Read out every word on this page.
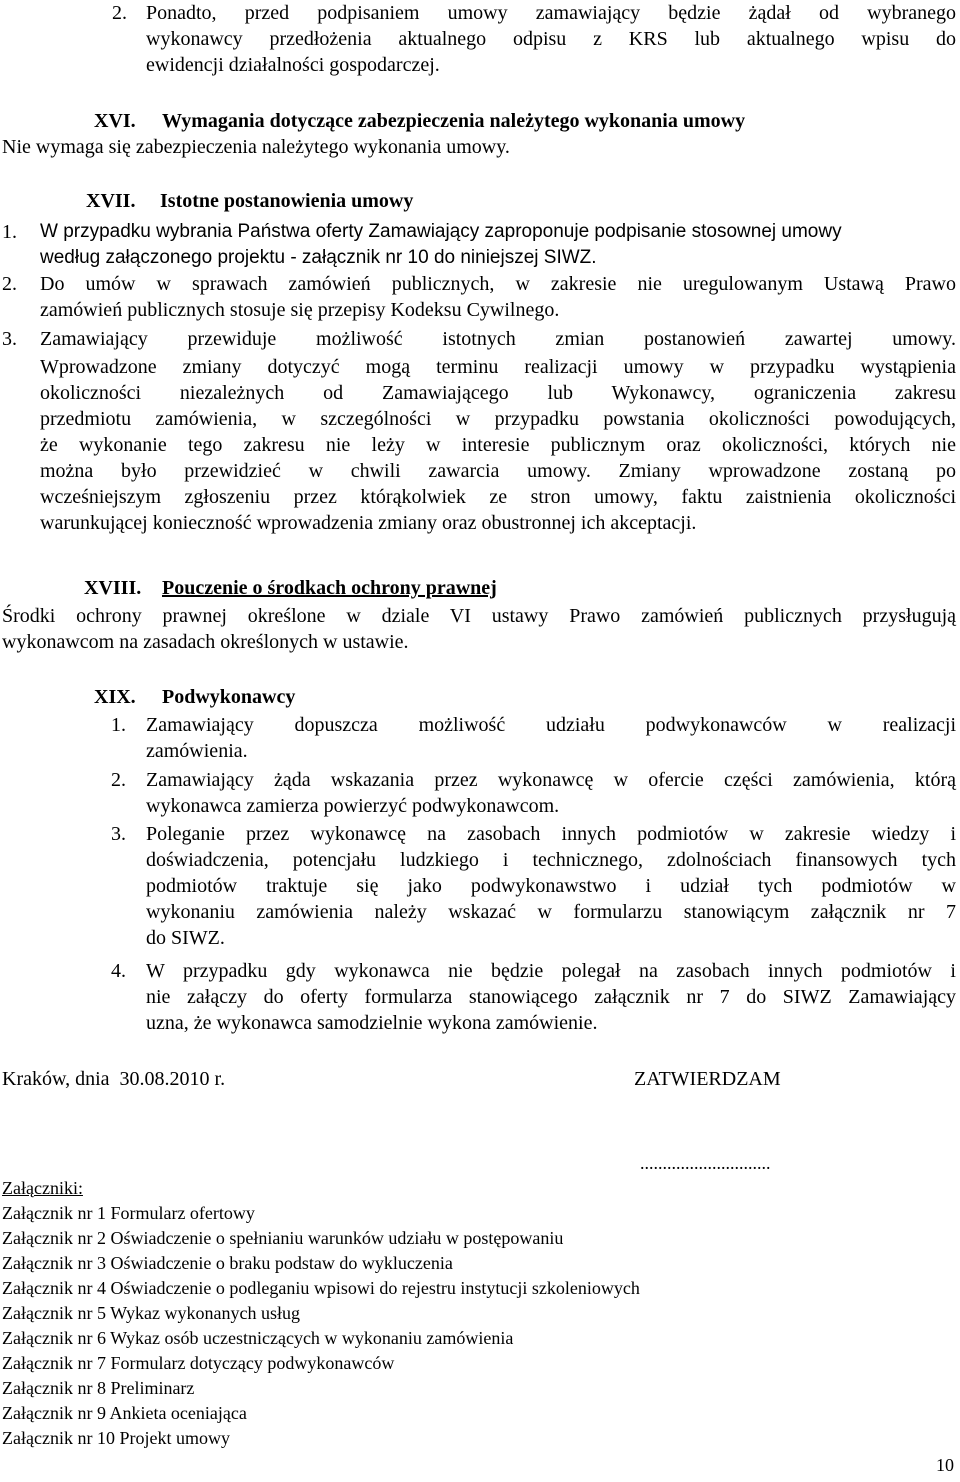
2. Ponadto, przed podpisaniem umowy zamawiający będzie żądał od wybranego
wykonawcy przedłożenia aktualnego odpisu z KRS lub aktualnego wpisu do
ewidencji działalności gospodarczej.
XVI. Wymagania dotyczące zabezpieczenia należytego wykonania umowy
Nie wymaga się zabezpieczenia należytego wykonania umowy.
XVII. Istotne postanowienia umowy
1. W przypadku wybrania Państwa oferty Zamawiający zaproponuje podpisanie stosownej umowy
według załączonego projektu - załącznik nr 10 do niniejszej SIWZ.
2. Do umów w sprawach zamówień publicznych, w zakresie nie uregulowanym Ustawą Prawo
zamówień publicznych stosuje się przepisy Kodeksu Cywilnego.
3. Zamawiający przewiduje możliwość istotnych zmian postanowień zawartej umowy.
Wprowadzone zmiany dotyczyć mogą terminu realizacji umowy w przypadku wystąpienia
okoliczności niezależnych od Zamawiającego lub Wykonawcy, ograniczenia zakresu
przedmiotu zamówienia, w szczególności w przypadku powstania okoliczności powodujących,
że wykonanie tego zakresu nie leży w interesie publicznym oraz okoliczności, których nie
można było przewidzieć w chwili zawarcia umowy. Zmiany wprowadzone zostaną po
wcześniejszym zgłoszeniu przez którąkolwiek ze stron umowy, faktu zaistnienia okoliczności
warunkującej konieczność wprowadzenia zmiany oraz obustronnej ich akceptacji.
XVIII. Pouczenie o środkach ochrony prawnej
Środki ochrony prawnej określone w dziale VI ustawy Prawo zamówień publicznych przysługują
wykonawcom na zasadach określonych w ustawie.
XIX. Podwykonawcy
1. Zamawiający dopuszcza możliwość udziału podwykonawców w realizacji
zamówienia.
2. Zamawiający żąda wskazania przez wykonawcę w ofercie części zamówienia, którą
wykonawca zamierza powierzyć podwykonawcom.
3. Poleganie przez wykonawcę na zasobach innych podmiotów w zakresie wiedzy i
doświadczenia, potencjału ludzkiego i technicznego, zdolnościach finansowych tych
podmiotów traktuje się jako podwykonawstwo i udział tych podmiotów w
wykonaniu zamówienia należy wskazać w formularzu stanowiącym załącznik nr 7
do SIWZ.
4. W przypadku gdy wykonawca nie będzie polegał na zasobach innych podmiotów i
nie załączy do oferty formularza stanowiącego załącznik nr 7 do SIWZ Zamawiający
uzna, że wykonawca samodzielnie wykona zamówienie.
Kraków, dnia  30.08.2010 r.	ZATWIERDZAM
.............................
Załączniki:
Załącznik nr 1 Formularz ofertowy
Załącznik nr 2 Oświadczenie o spełnianiu warunków udziału w postępowaniu
Załącznik nr 3 Oświadczenie o braku podstaw do wykluczenia
Załącznik nr 4 Oświadczenie o podleganiu wpisowi do rejestru instytucji szkoleniowych
Załącznik nr 5 Wykaz wykonanych usług
Załącznik nr 6 Wykaz osób uczestniczących w wykonaniu zamówienia
Załącznik nr 7 Formularz dotyczący podwykonawców
Załącznik nr 8 Preliminarz
Załącznik nr 9 Ankieta oceniająca
Załącznik nr 10 Projekt umowy
10
